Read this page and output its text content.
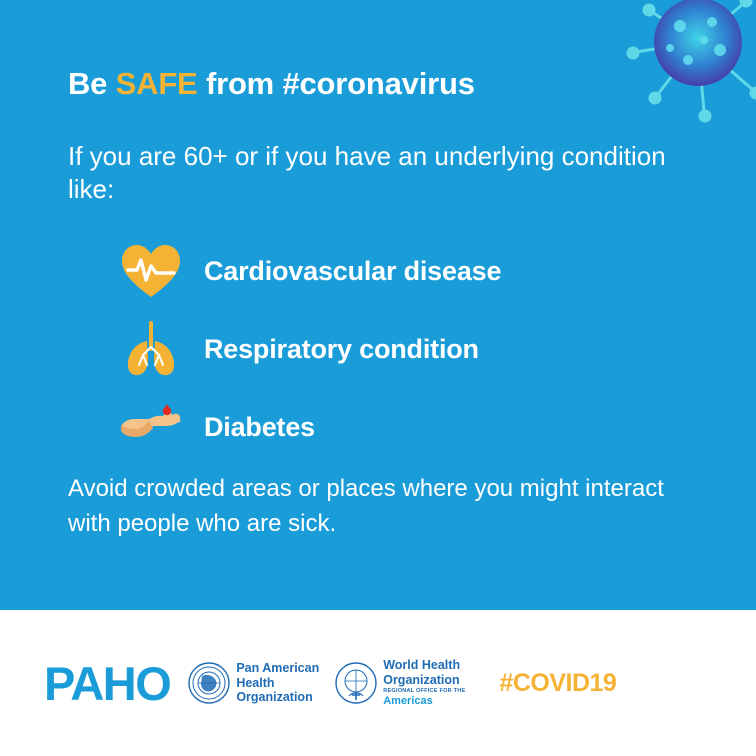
Be SAFE from #coronavirus
If you are 60+ or if you have an underlying condition like:
Cardiovascular disease
Respiratory condition
Diabetes
Avoid crowded areas or places where you might interact with people who are sick.
PAHO	Pan American
Health
Organization
World Health
Organization
REGIONAL OFFICE FOR THE
Americas
#COVID19
